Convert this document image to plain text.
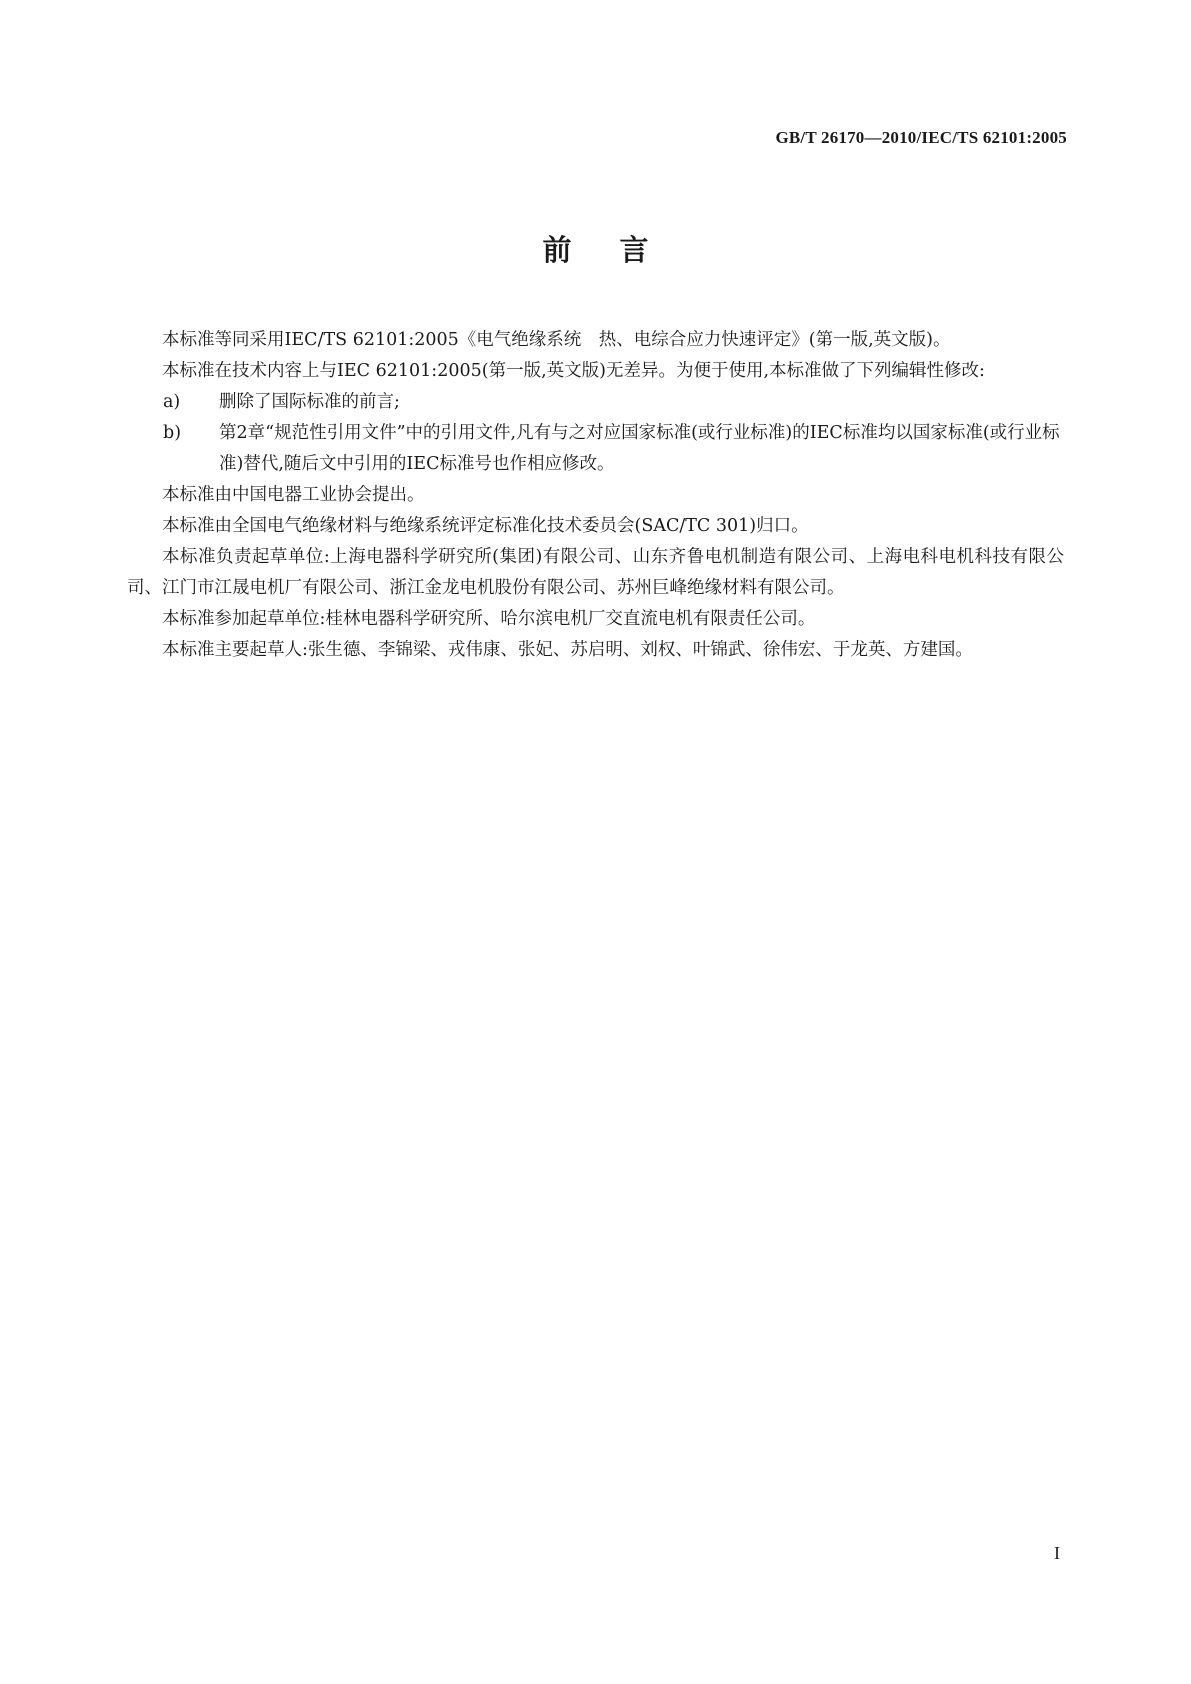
GB/T 26170—2010/IEC/TS 62101:2005
前言

本标准等同采用IEC/TS 62101:2005《电气绝缘系统　热、电综合应力快速评定》(第一版,英文版)。

本标准在技术内容上与IEC 62101:2005(第一版,英文版)无差异。为便于使用,本标准做了下列编辑性修改:

a) 删除了国际标准的前言;
b) 第2章“规范性引用文件”中的引用文件,凡有与之对应国家标准(或行业标准)的IEC标准均以国家标准(或行业标准)替代,随后文中引用的IEC标准号也作相应修改。

本标准由中国电器工业协会提出。

本标准由全国电气绝缘材料与绝缘系统评定标准化技术委员会(SAC/TC 301)归口。

本标准负责起草单位:上海电器科学研究所(集团)有限公司、山东齐鲁电机制造有限公司、上海电科电机科技有限公司、江门市江晟电机厂有限公司、浙江金龙电机股份有限公司、苏州巨峰绝缘材料有限公司。

本标准参加起草单位:桂林电器科学研究所、哈尔滨电机厂交直流电机有限责任公司。

本标准主要起草人:张生德、李锦梁、戎伟康、张妃、苏启明、刘权、叶锦武、徐伟宏、于龙英、方建国。

I
